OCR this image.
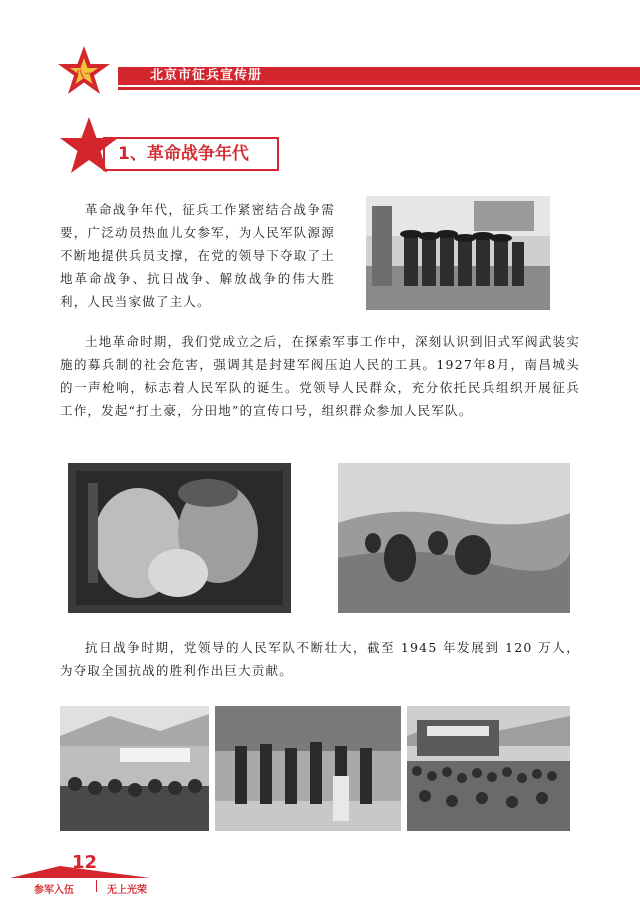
北京市征兵宣传册
八一
1、革命战争年代
革命战争年代，征兵工作紧密结合战争需要，广泛动员热血儿女参军，为人民军队源源不断地提供兵员支撑，在党的领导下夺取了土地革命战争、抗日战争、解放战争的伟大胜利，人民当家做了主人。
土地革命时期，我们党成立之后，在探索军事工作中，深刻认识到旧式军阀武装实施的募兵制的社会危害，强调其是封建军阀压迫人民的工具。1927年8月，南昌城头的一声枪响，标志着人民军队的诞生。党领导人民群众，充分依托民兵组织开展征兵工作，发起“打土豪，分田地”的宣传口号，组织群众参加人民军队。
抗日战争时期，党领导的人民军队不断壮大，截至 1945 年发展到 120 万人，为夺取全国抗战的胜利作出巨大贡献。
12
参军入伍	无上光荣
